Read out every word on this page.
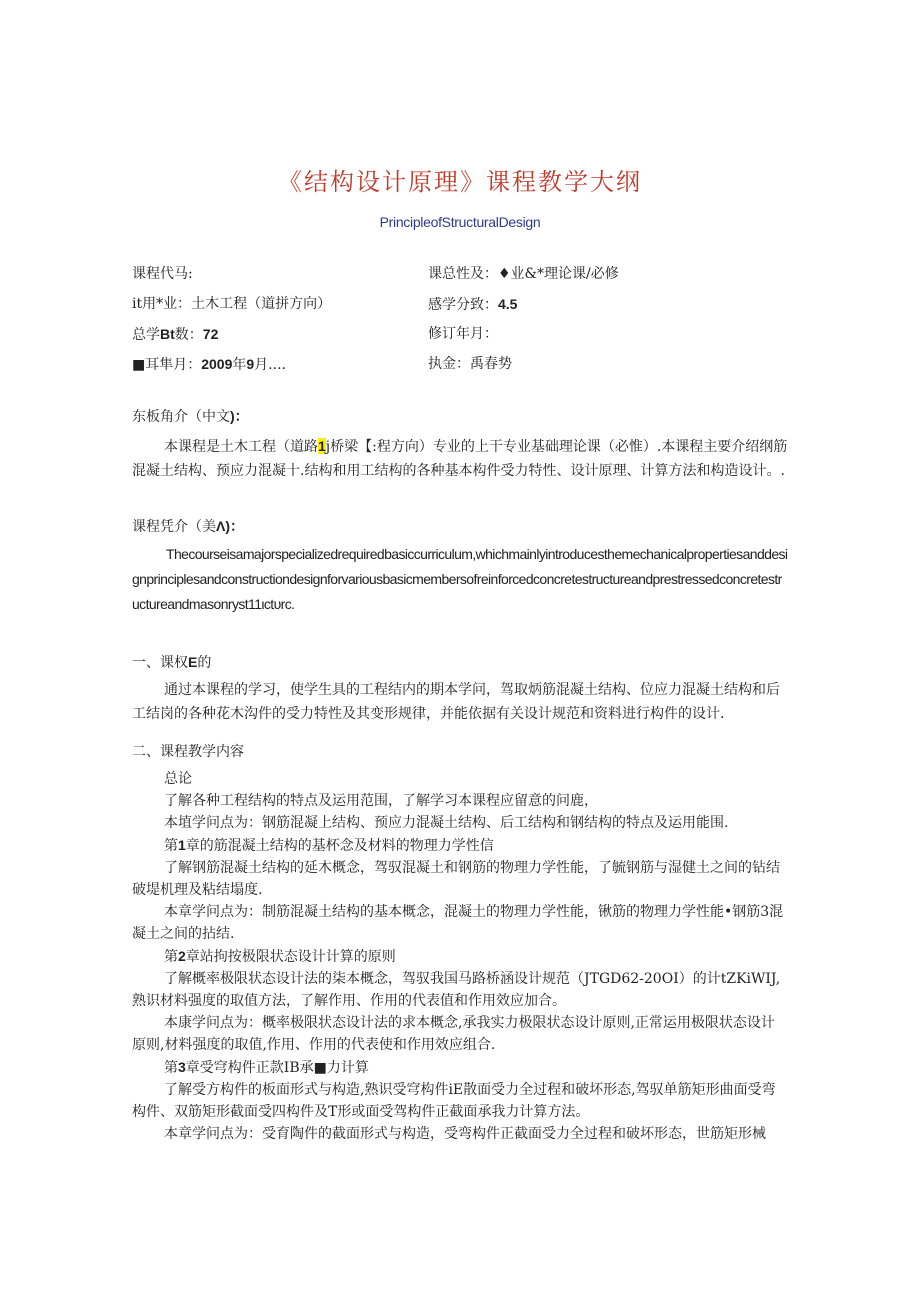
《结构设计原理》课程教学大纲
PrincipleofStructuralDesign
课程代马:	课总性及：♦业&*理论课/必修
it用*业：土木工程（道拼方向）	感学分致：4.5
总学Bt数：72	修订年月：
■耳隼月：2009年9月....	执金：禹春势
东板角介（中文)：
本课程是土木工程（道路1j桥梁【:程方向）专业的上干专业基础理论课（必惟）.本课程主要介绍纲筋混凝土结构、预应力混凝十.结构和用工结构的各种基本构件受力特性、设计原理、计算方法和构造设计。.
课程凭介（美Λ)：
Thecourseisamajorspecializedrequiredbasiccurriculum,whichmainlyintroducesthemechanicalpropertiesanddesignprinciplesandconstructiondesignforvariousbasicmembersofreinforcedconcretestructureandprestressedconcretestructureandmasonryst11ιctυrc.
一、课权E的
通过本课程的学习，使学生具的工程结内的期本学问，驾取炳筋混凝土结构、位应力混凝土结构和后工结岗的各种花木沟件的受力特性及其变形规律，并能依据有关设计规范和资料进行构件的设计.
二、课程教学内容
总论
了解各种工程结构的特点及运用范围，了解学习本课程应留意的问鹿，
本埴学问点为：钢筋混凝上结构、预应力混凝土结构、后工结构和钢结构的特点及运用能围.
第1章的筋混凝土结构的基杯念及材料的物理力学性信
了解钢筋混凝土结构的延木概念，驾驭混凝土和钢筋的物理力学性能，了毓钢筋与湿健土之间的钻结破堤机理及粘结塌度.
本章学问点为：制筋混凝土结构的基本概念，混凝土的物理力学性能，锹筋的物理力学性能•钢筋3混凝土之间的拈结.
第2章站拘按极限状态设计计算的原则
了解概率极限状态设计法的柒本概念，驾驭我国马路桥涵设计规范（JTGD62-20OI）的计tZKiWIJ,熟识材料强度的取值方法，了解作用、作用的代表值和作用效应加合。
本康学问点为：概率极限状态设计法的求本概念,承我实力极限状态设计原则,正常运用极限状态设计原则,材料强度的取值,作用、作用的代表使和作用效应组合.
第3章受穹构件正款IB承■力计算
了解受方构件的板面形式与构造,熟识受穹构件iE散面受力全过程和破坏形态,驾驭单筋矩形曲面受弯构件、双筋矩形截面受四构件及T形或面受驾构件正截面承我力计算方法。
本章学问点为：受育陶件的截面形式与构造，受弯构件正截面受力全过程和破坏形态，世筋矩形械
